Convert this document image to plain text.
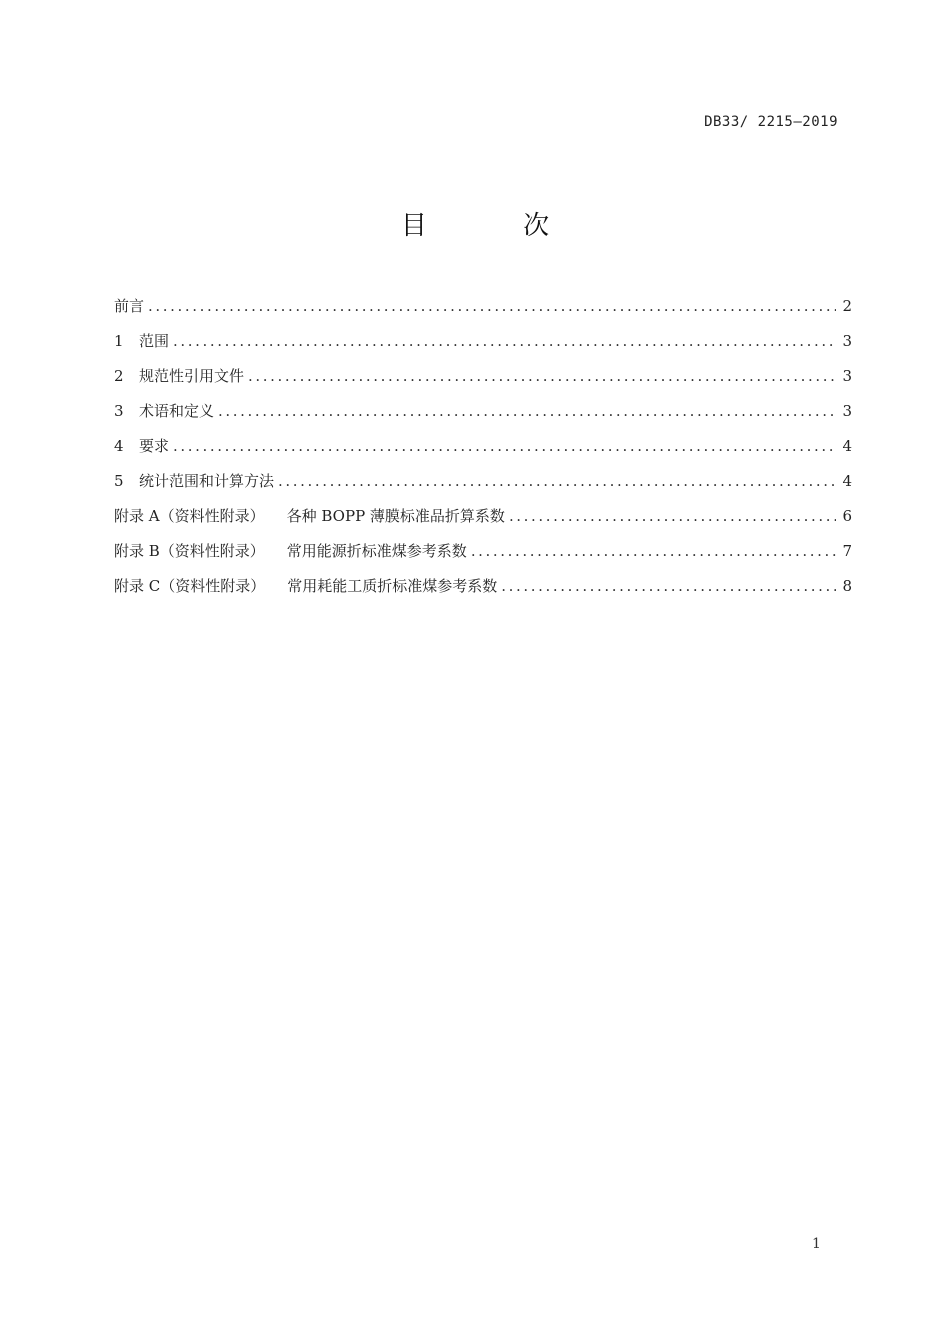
DB33/ 2215—2019
目 次
前言 .....	2
1	范围 .....	3
2	规范性引用文件 .....	3
3	术语和定义 .....	3
4	要求 .....	4
5	统计范围和计算方法 .....	4
附录 A（资料性附录） 各种 BOPP 薄膜标准品折算系数 .....	6
附录 B（资料性附录） 常用能源折标准煤参考系数 .....	7
附录 C（资料性附录） 常用耗能工质折标准煤参考系数 .....	8
1
